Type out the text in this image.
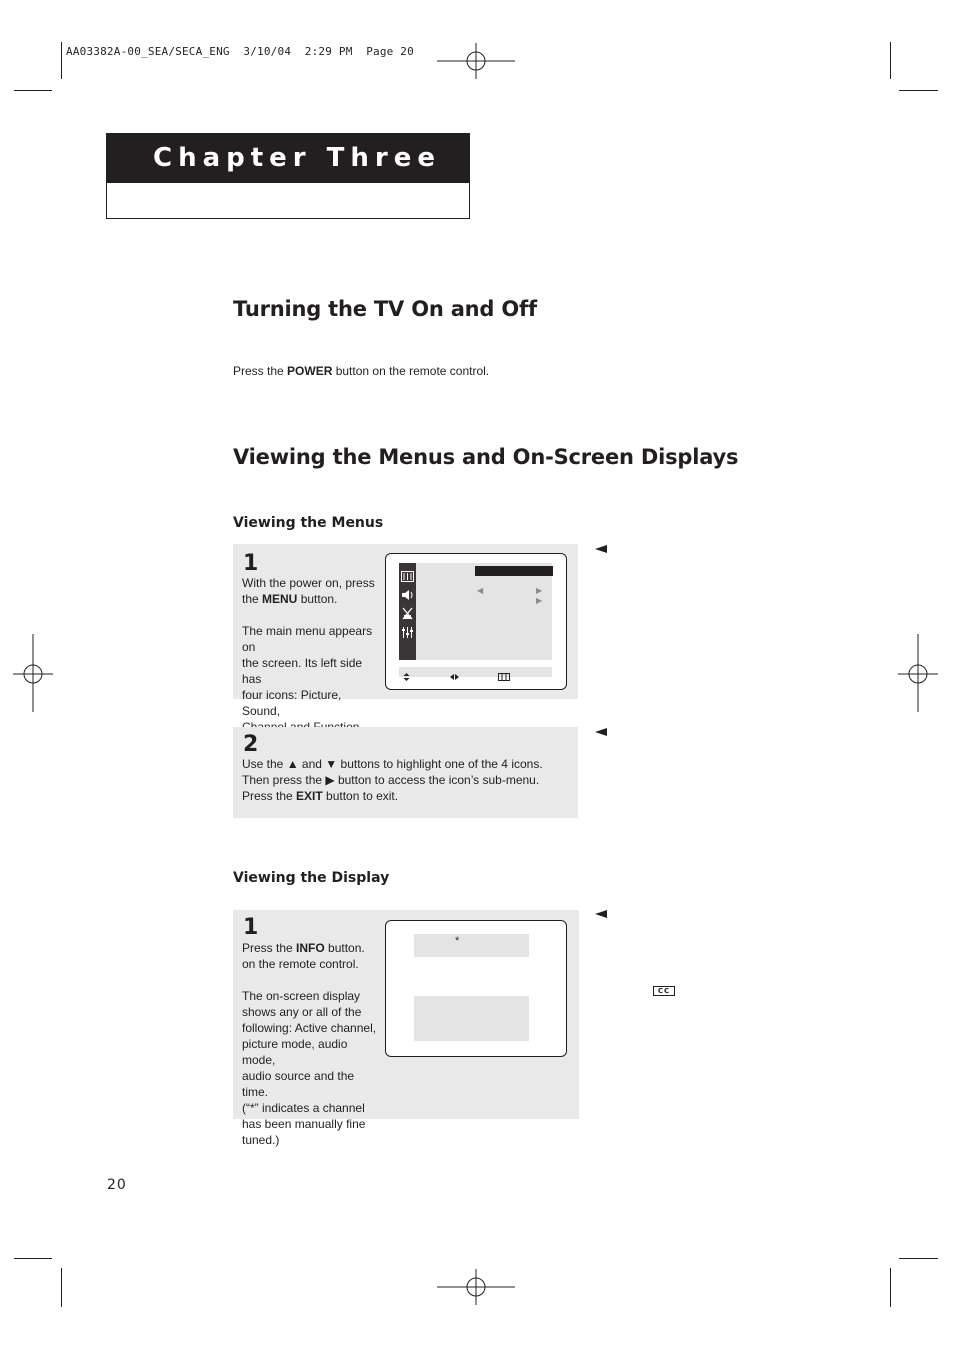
AA03382A-00_SEA/SECA_ENG  3/10/04  2:29 PM  Page 20
Chapter Three
Turning the TV On and Off
Press the POWER button on the remote control.
Viewing the Menus and On-Screen Displays
Viewing the Menus
1
With the power on, press
the MENU button.
The main menu appears on
the screen. Its left side has
four icons: Picture, Sound,
◀	▶
▶
2
Use the ▲ and ▼ buttons to highlight one of the 4 icons.
Then press the ▶ button to access the icon’s sub-menu.
Press the EXIT button to exit.
Viewing the Display
1
Press the INFO button.
on the remote control.
The on-screen display
shows any or all of the
following: Active channel,
picture mode, audio mode,
audio source and the time.
(“*” indicates a channel
has been manually fine
tuned.)
*
CC
20
